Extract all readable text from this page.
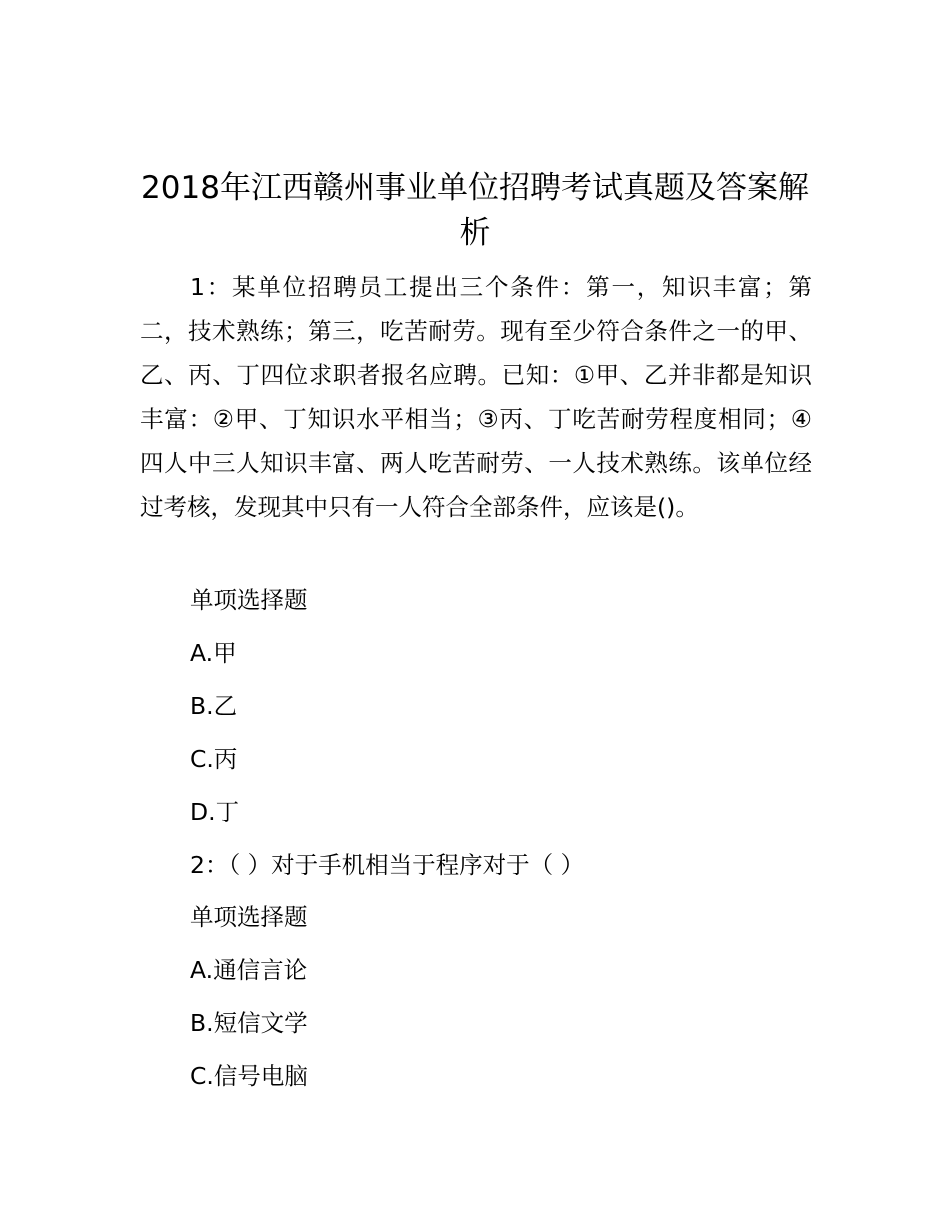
2018年江西赣州事业单位招聘考试真题及答案解析

1：某单位招聘员工提出三个条件：第一，知识丰富；第二，技术熟练；第三，吃苦耐劳。现有至少符合条件之一的甲、乙、丙、丁四位求职者报名应聘。已知：①甲、乙并非都是知识丰富：②甲、丁知识水平相当；③丙、丁吃苦耐劳程度相同；④四人中三人知识丰富、两人吃苦耐劳、一人技术熟练。该单位经过考核，发现其中只有一人符合全部条件，应该是()。

单项选择题

A.甲

B.乙

C.丙

D.丁

2：（ ）对于手机相当于程序对于（ ）

单项选择题

A.通信言论

B.短信文学

C.信号电脑
